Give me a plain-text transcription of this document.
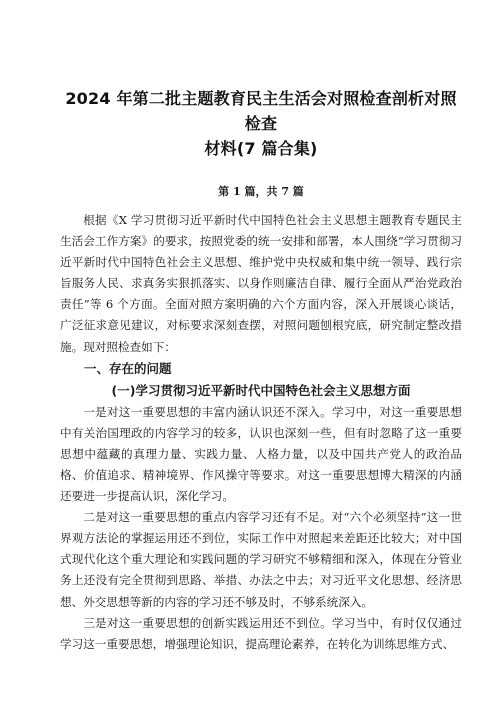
2024 年第二批主题教育民主生活会对照检查剖析对照检查
材料(7 篇合集)
第 1 篇，共 7 篇

根据《X 学习贯彻习近平新时代中国特色社会主义思想主题教育专题民主生活会工作方案》的要求，按照党委的统一安排和部署，本人围绕“学习贯彻习近平新时代中国特色社会主义思想、维护党中央权威和集中统一领导、践行宗旨服务人民、求真务实狠抓落实、以身作则廉洁自律、履行全面从严治党政治责任”等 6 个方面。全面对照方案明确的六个方面内容，深入开展谈心谈话，广泛征求意见建议，对标要求深刻查摆，对照问题刨根究底，研究制定整改措施。现对照检查如下：

一、存在的问题
(一)学习贯彻习近平新时代中国特色社会主义思想方面

一是对这一重要思想的丰富内涵认识还不深入。学习中，对这一重要思想中有关治国理政的内容学习的较多，认识也深刻一些，但有时忽略了这一重要思想中蕴藏的真理力量、实践力量、人格力量，以及中国共产党人的政治品格、价值追求、精神境界、作风操守等要求。对这一重要思想博大精深的内涵还要进一步提高认识，深化学习。

二是对这一重要思想的重点内容学习还有不足。对“六个必须坚持”这一世界观方法论的掌握运用还不到位，实际工作中对照起来差距还比较大；对中国式现代化这个重大理论和实践问题的学习研究不够精细和深入，体现在分管业务上还没有完全贯彻到思路、举措、办法之中去；对习近平文化思想、经济思想、外交思想等新的内容的学习还不够及时，不够系统深入。

三是对这一重要思想的创新实践运用还不到位。学习当中，有时仅仅通过学习这一重要思想，增强理论知识，提高理论素养，在转化为训练思维方式、
